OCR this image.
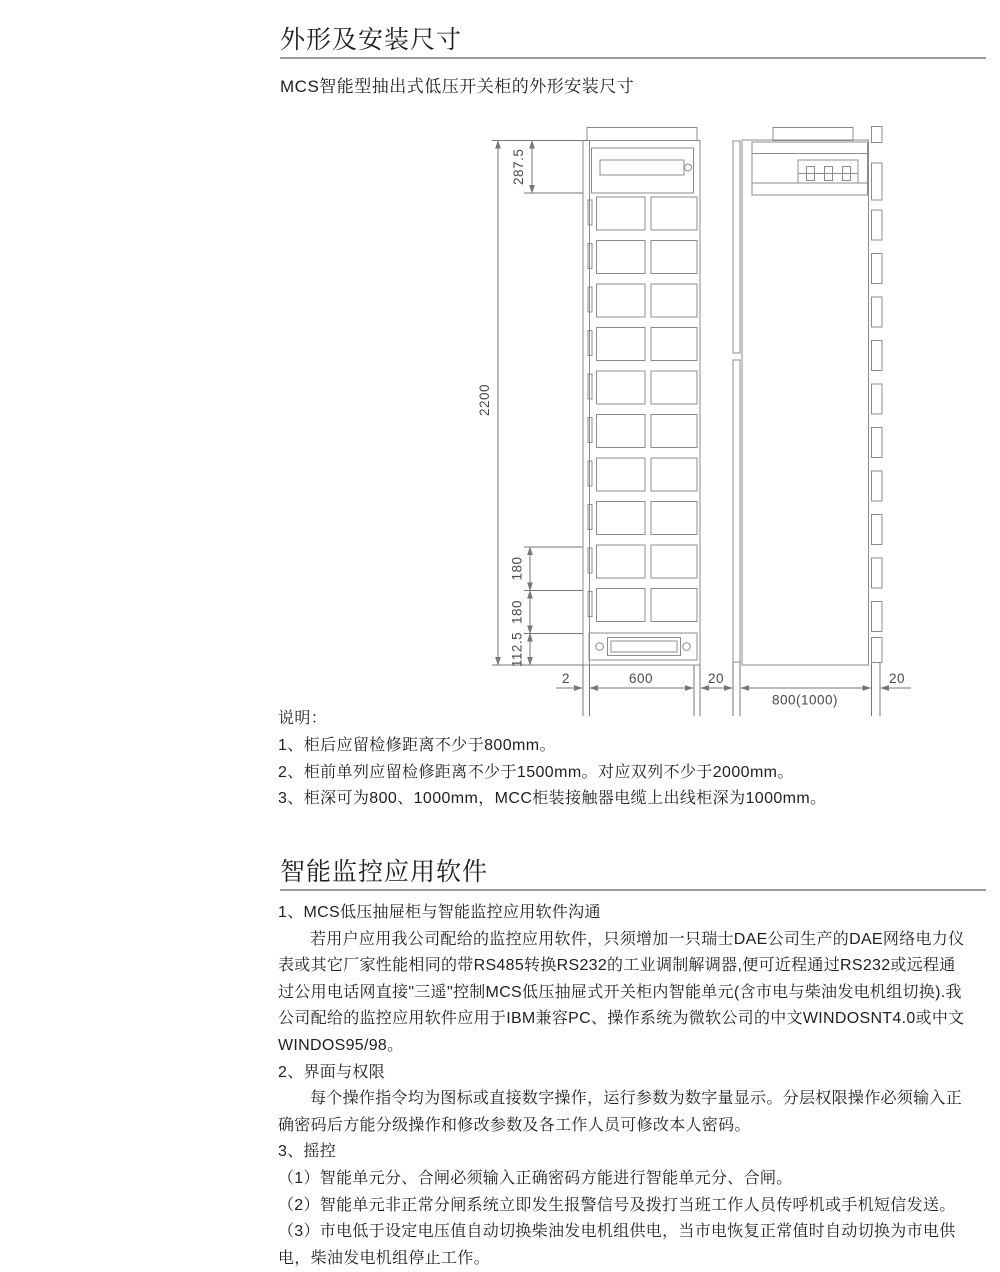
外形及安装尺寸
MCS智能型抽出式低压开关柜的外形安装尺寸
287.5
2200
180
180
112.5
2	600	20
800(1000)
20
说明：
1、柜后应留检修距离不少于800mm。
2、柜前单列应留检修距离不少于1500mm。对应双列不少于2000mm。
3、柜深可为800、1000mm，MCC柜装接触器电缆上出线柜深为1000mm。
智能监控应用软件
1、MCS低压抽屉柜与智能监控应用软件沟通
若用户应用我公司配给的监控应用软件，只须增加一只瑞士DAE公司生产的DAE网络电力仪
表或其它厂家性能相同的带RS485转换RS232的工业调制解调器,便可近程通过RS232或远程通
过公用电话网直接"三遥"控制MCS低压抽屉式开关柜内智能单元(含市电与柴油发电机组切换).我
公司配给的监控应用软件应用于IBM兼容PC、操作系统为微软公司的中文WINDOSNT4.0或中文
WINDOS95/98。
2、界面与权限
每个操作指令均为图标或直接数字操作，运行参数为数字量显示。分层权限操作必须输入正
确密码后方能分级操作和修改参数及各工作人员可修改本人密码。
3、摇控
（1）智能单元分、合闸必须输入正确密码方能进行智能单元分、合闸。
（2）智能单元非正常分闸系统立即发生报警信号及拨打当班工作人员传呼机或手机短信发送。
（3）市电低于设定电压值自动切换柴油发电机组供电，当市电恢复正常值时自动切换为市电供
电，柴油发电机组停止工作。
